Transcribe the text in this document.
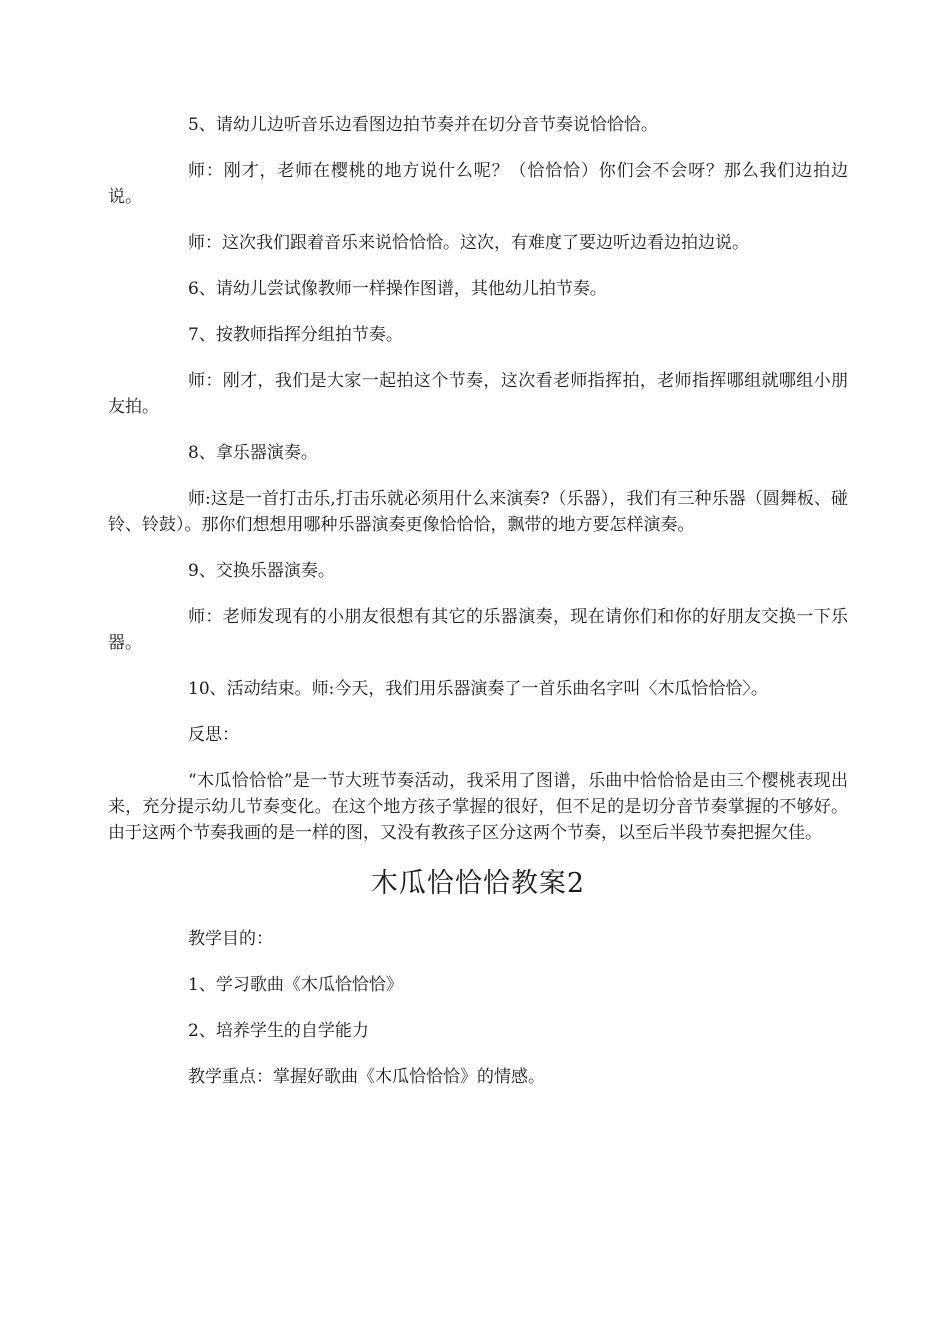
5、请幼儿边听音乐边看图边拍节奏并在切分音节奏说恰恰恰。

师：刚才，老师在樱桃的地方说什么呢？（恰恰恰）你们会不会呀？那么我们边拍边说。

师：这次我们跟着音乐来说恰恰恰。这次，有难度了要边听边看边拍边说。

6、请幼儿尝试像教师一样操作图谱，其他幼儿拍节奏。

7、按教师指挥分组拍节奏。

师：刚才，我们是大家一起拍这个节奏，这次看老师指挥拍，老师指挥哪组就哪组小朋友拍。

8、拿乐器演奏。

师:这是一首打击乐,打击乐就必须用什么来演奏?（乐器），我们有三种乐器（圆舞板、碰铃、铃鼓）。那你们想想用哪种乐器演奏更像恰恰恰，飘带的地方要怎样演奏。

9、交换乐器演奏。

师：老师发现有的小朋友很想有其它的乐器演奏，现在请你们和你的好朋友交换一下乐器。

10、活动结束。师:今天，我们用乐器演奏了一首乐曲名字叫〈木瓜恰恰恰〉。

反思：

“木瓜恰恰恰”是一节大班节奏活动，我采用了图谱，乐曲中恰恰恰是由三个樱桃表现出来，充分提示幼儿节奏变化。在这个地方孩子掌握的很好，但不足的是切分音节奏掌握的不够好。由于这两个节奏我画的是一样的图，又没有教孩子区分这两个节奏，以至后半段节奏把握欠佳。

木瓜恰恰恰教案2

教学目的：

1、学习歌曲《木瓜恰恰恰》

2、培养学生的自学能力

教学重点：掌握好歌曲《木瓜恰恰恰》的情感。
